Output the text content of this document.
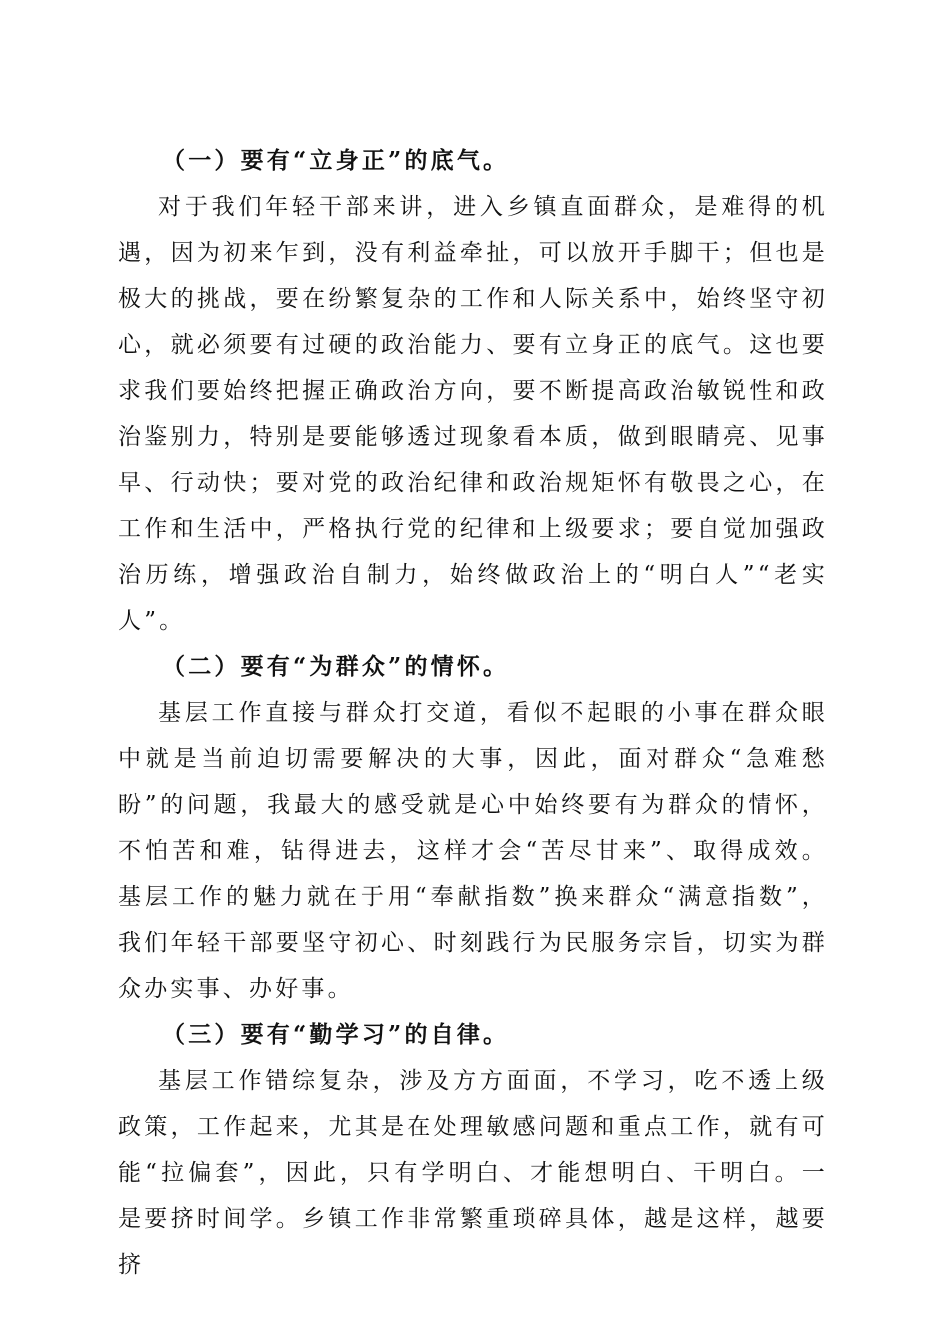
（一）要有“立身正”的底气。

对于我们年轻干部来讲，进入乡镇直面群众，是难得的机遇，因为初来乍到，没有利益牵扯，可以放开手脚干；但也是极大的挑战，要在纷繁复杂的工作和人际关系中，始终坚守初心，就必须要有过硬的政治能力、要有立身正的底气。这也要求我们要始终把握正确政治方向，要不断提高政治敏锐性和政治鉴别力，特别是要能够透过现象看本质，做到眼睛亮、见事早、行动快；要对党的政治纪律和政治规矩怀有敬畏之心，在工作和生活中，严格执行党的纪律和上级要求；要自觉加强政治历练，增强政治自制力，始终做政治上的“明白人”“老实人”。

（二）要有“为群众”的情怀。

基层工作直接与群众打交道，看似不起眼的小事在群众眼中就是当前迫切需要解决的大事，因此，面对群众“急难愁盼”的问题，我最大的感受就是心中始终要有为群众的情怀，不怕苦和难，钻得进去，这样才会“苦尽甘来”、取得成效。基层工作的魅力就在于用“奉献指数”换来群众“满意指数”，我们年轻干部要坚守初心、时刻践行为民服务宗旨，切实为群众办实事、办好事。

（三）要有“勤学习”的自律。

基层工作错综复杂，涉及方方面面，不学习，吃不透上级政策，工作起来，尤其是在处理敏感问题和重点工作，就有可能“拉偏套”，因此，只有学明白、才能想明白、干明白。一是要挤时间学。乡镇工作非常繁重琐碎具体，越是这样，越要挤
